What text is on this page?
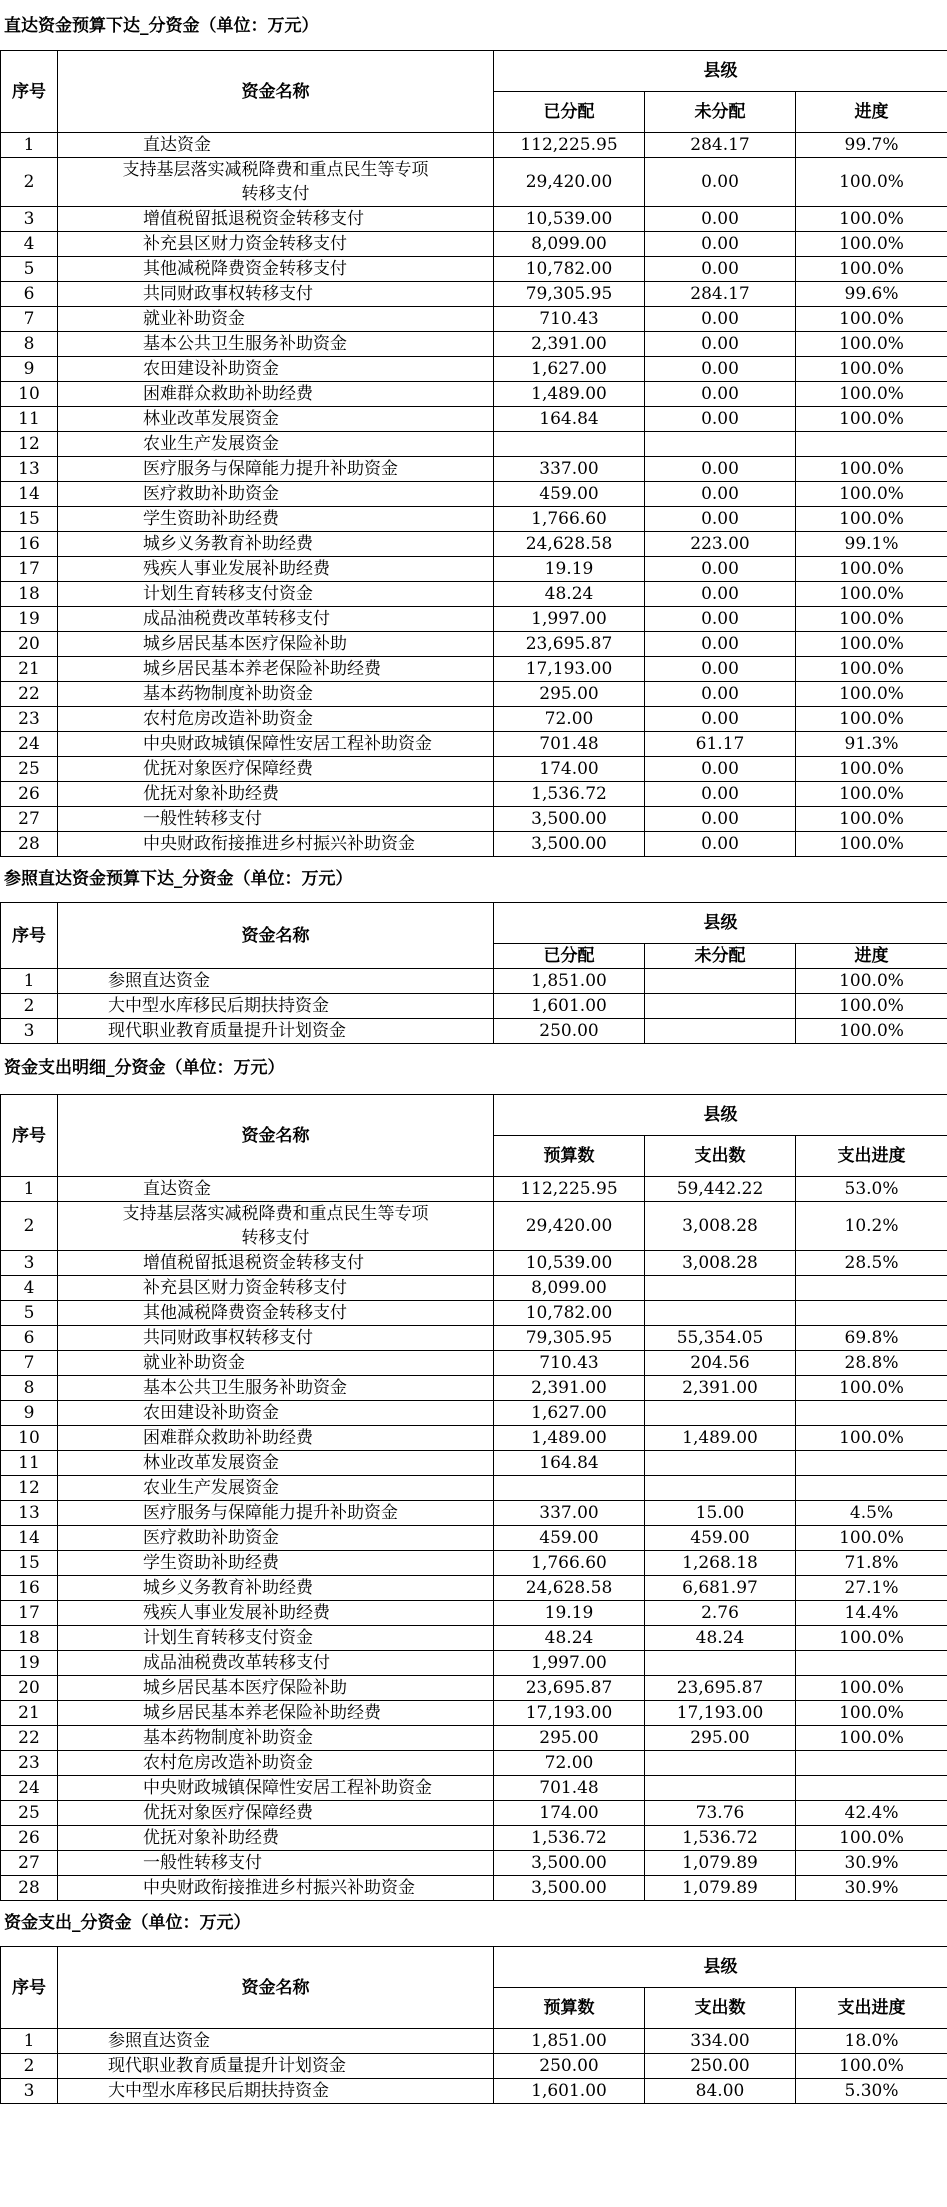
直达资金预算下达_分资金（单位：万元）
序号	资金名称	县级		
		已分配	未分配	进度
1	直达资金	112,225.95	284.17	99.7%
2	支持基层落实减税降费和重点民生等专项
转移支付	29,420.00	0.00	100.0%
3	增值税留抵退税资金转移支付	10,539.00	0.00	100.0%
4	补充县区财力资金转移支付	8,099.00	0.00	100.0%
5	其他减税降费资金转移支付	10,782.00	0.00	100.0%
6	共同财政事权转移支付	79,305.95	284.17	99.6%
7	就业补助资金	710.43	0.00	100.0%
8	基本公共卫生服务补助资金	2,391.00	0.00	100.0%
9	农田建设补助资金	1,627.00	0.00	100.0%
10	困难群众救助补助经费	1,489.00	0.00	100.0%
11	林业改革发展资金	164.84	0.00	100.0%
12	农业生产发展资金			
13	医疗服务与保障能力提升补助资金	337.00	0.00	100.0%
14	医疗救助补助资金	459.00	0.00	100.0%
15	学生资助补助经费	1,766.60	0.00	100.0%
16	城乡义务教育补助经费	24,628.58	223.00	99.1%
17	残疾人事业发展补助经费	19.19	0.00	100.0%
18	计划生育转移支付资金	48.24	0.00	100.0%
19	成品油税费改革转移支付	1,997.00	0.00	100.0%
20	城乡居民基本医疗保险补助	23,695.87	0.00	100.0%
21	城乡居民基本养老保险补助经费	17,193.00	0.00	100.0%
22	基本药物制度补助资金	295.00	0.00	100.0%
23	农村危房改造补助资金	72.00	0.00	100.0%
24	中央财政城镇保障性安居工程补助资金	701.48	61.17	91.3%
25	优抚对象医疗保障经费	174.00	0.00	100.0%
26	优抚对象补助经费	1,536.72	0.00	100.0%
27	一般性转移支付	3,500.00	0.00	100.0%
28	中央财政衔接推进乡村振兴补助资金	3,500.00	0.00	100.0%
参照直达资金预算下达_分资金（单位：万元）
序号	资金名称	县级		
		已分配	未分配	进度
1	参照直达资金	1,851.00		100.0%
2	大中型水库移民后期扶持资金	1,601.00		100.0%
3	现代职业教育质量提升计划资金	250.00		100.0%
资金支出明细_分资金（单位：万元）
序号	资金名称	县级		
		预算数	支出数	支出进度
1	直达资金	112,225.95	59,442.22	53.0%
2	支持基层落实减税降费和重点民生等专项
转移支付	29,420.00	3,008.28	10.2%
3	增值税留抵退税资金转移支付	10,539.00	3,008.28	28.5%
4	补充县区财力资金转移支付	8,099.00		
5	其他减税降费资金转移支付	10,782.00		
6	共同财政事权转移支付	79,305.95	55,354.05	69.8%
7	就业补助资金	710.43	204.56	28.8%
8	基本公共卫生服务补助资金	2,391.00	2,391.00	100.0%
9	农田建设补助资金	1,627.00		
10	困难群众救助补助经费	1,489.00	1,489.00	100.0%
11	林业改革发展资金	164.84		
12	农业生产发展资金			
13	医疗服务与保障能力提升补助资金	337.00	15.00	4.5%
14	医疗救助补助资金	459.00	459.00	100.0%
15	学生资助补助经费	1,766.60	1,268.18	71.8%
16	城乡义务教育补助经费	24,628.58	6,681.97	27.1%
17	残疾人事业发展补助经费	19.19	2.76	14.4%
18	计划生育转移支付资金	48.24	48.24	100.0%
19	成品油税费改革转移支付	1,997.00		
20	城乡居民基本医疗保险补助	23,695.87	23,695.87	100.0%
21	城乡居民基本养老保险补助经费	17,193.00	17,193.00	100.0%
22	基本药物制度补助资金	295.00	295.00	100.0%
23	农村危房改造补助资金	72.00		
24	中央财政城镇保障性安居工程补助资金	701.48		
25	优抚对象医疗保障经费	174.00	73.76	42.4%
26	优抚对象补助经费	1,536.72	1,536.72	100.0%
27	一般性转移支付	3,500.00	1,079.89	30.9%
28	中央财政衔接推进乡村振兴补助资金	3,500.00	1,079.89	30.9%
资金支出_分资金（单位：万元）
序号	资金名称	县级		
		预算数	支出数	支出进度
1	参照直达资金	1,851.00	334.00	18.0%
2	现代职业教育质量提升计划资金	250.00	250.00	100.0%
3	大中型水库移民后期扶持资金	1,601.00	84.00	5.30%
